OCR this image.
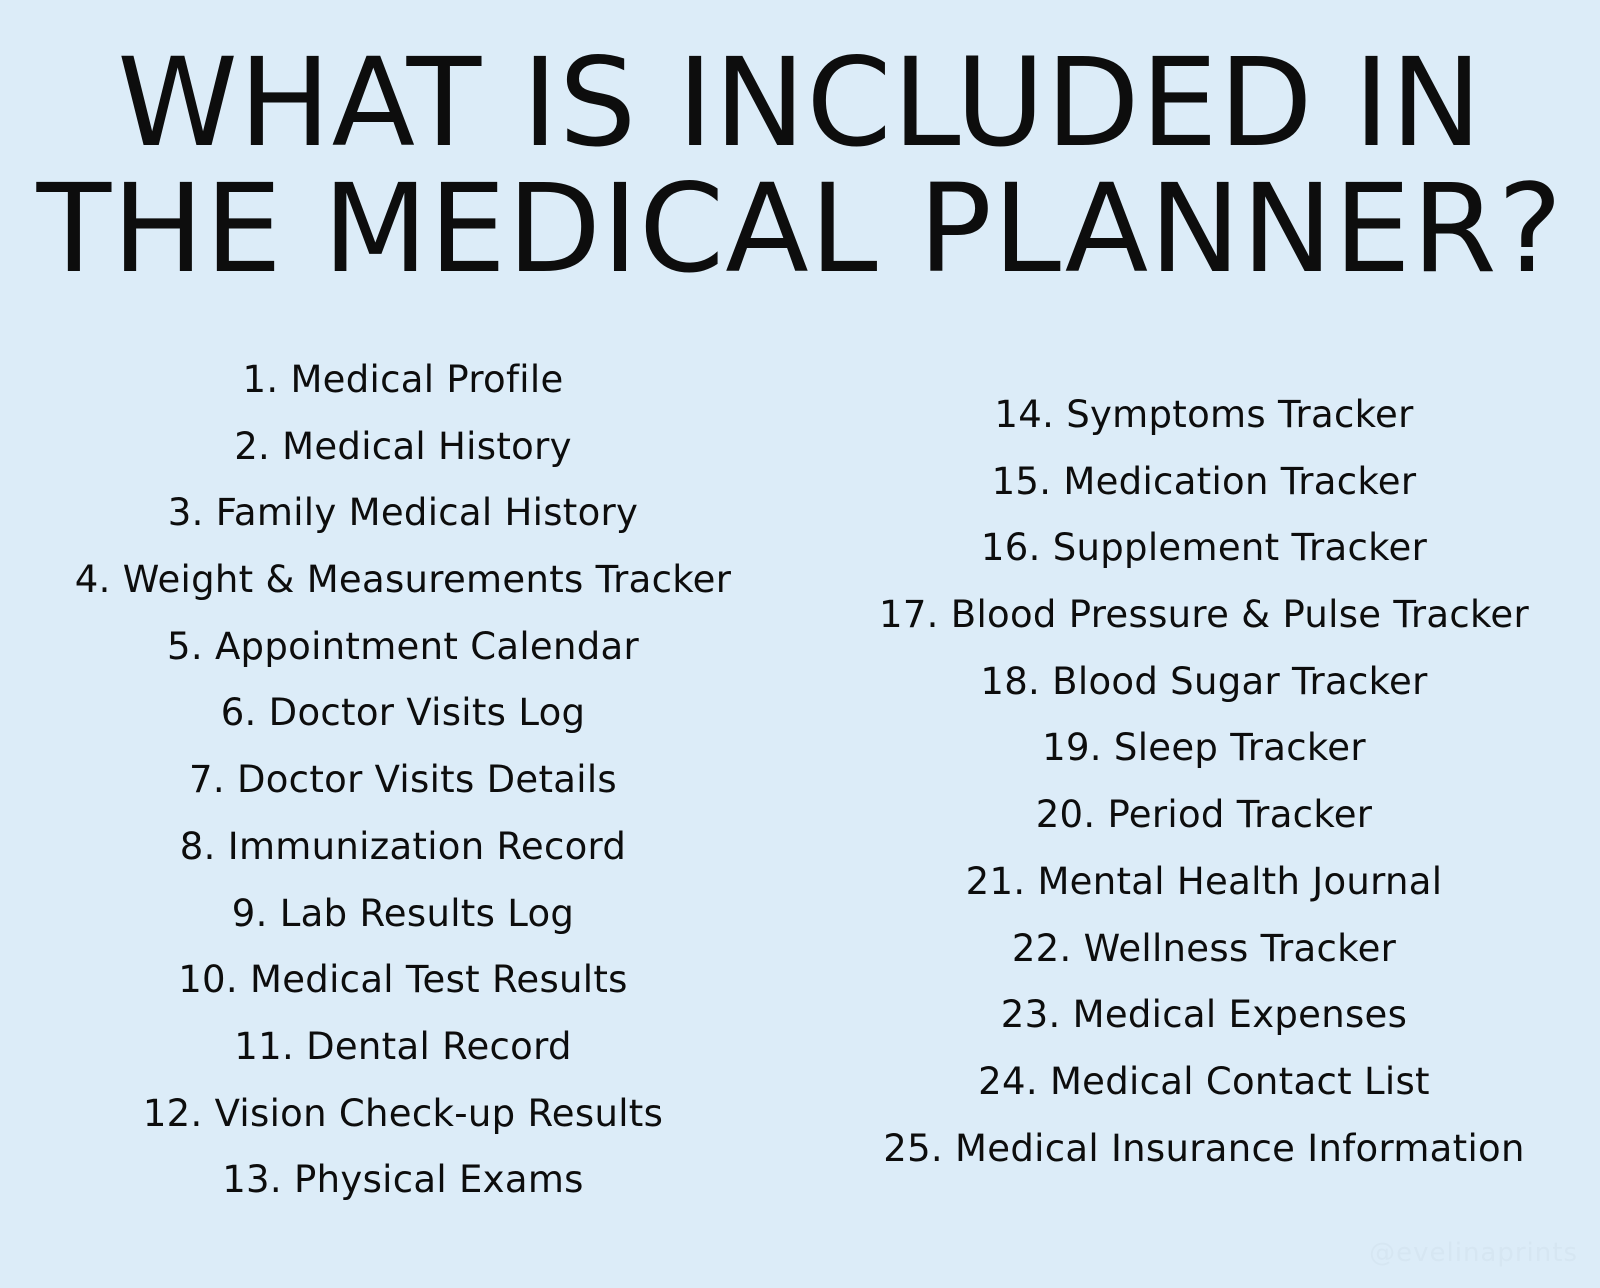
WHAT IS INCLUDED IN
THE MEDICAL PLANNER?
1. Medical Profile
2. Medical History
3. Family Medical History
4. Weight & Measurements Tracker
5. Appointment Calendar
6. Doctor Visits Log
7. Doctor Visits Details
8. Immunization Record
9. Lab Results Log
10. Medical Test Results
11. Dental Record
12. Vision Check-up Results
13. Physical Exams
14. Symptoms Tracker
15. Medication Tracker
16. Supplement Tracker
17. Blood Pressure & Pulse Tracker
18. Blood Sugar Tracker
19. Sleep Tracker
20. Period Tracker
21. Mental Health Journal
22. Wellness Tracker
23. Medical Expenses
24. Medical Contact List
25. Medical Insurance Information
@evelinaprints
